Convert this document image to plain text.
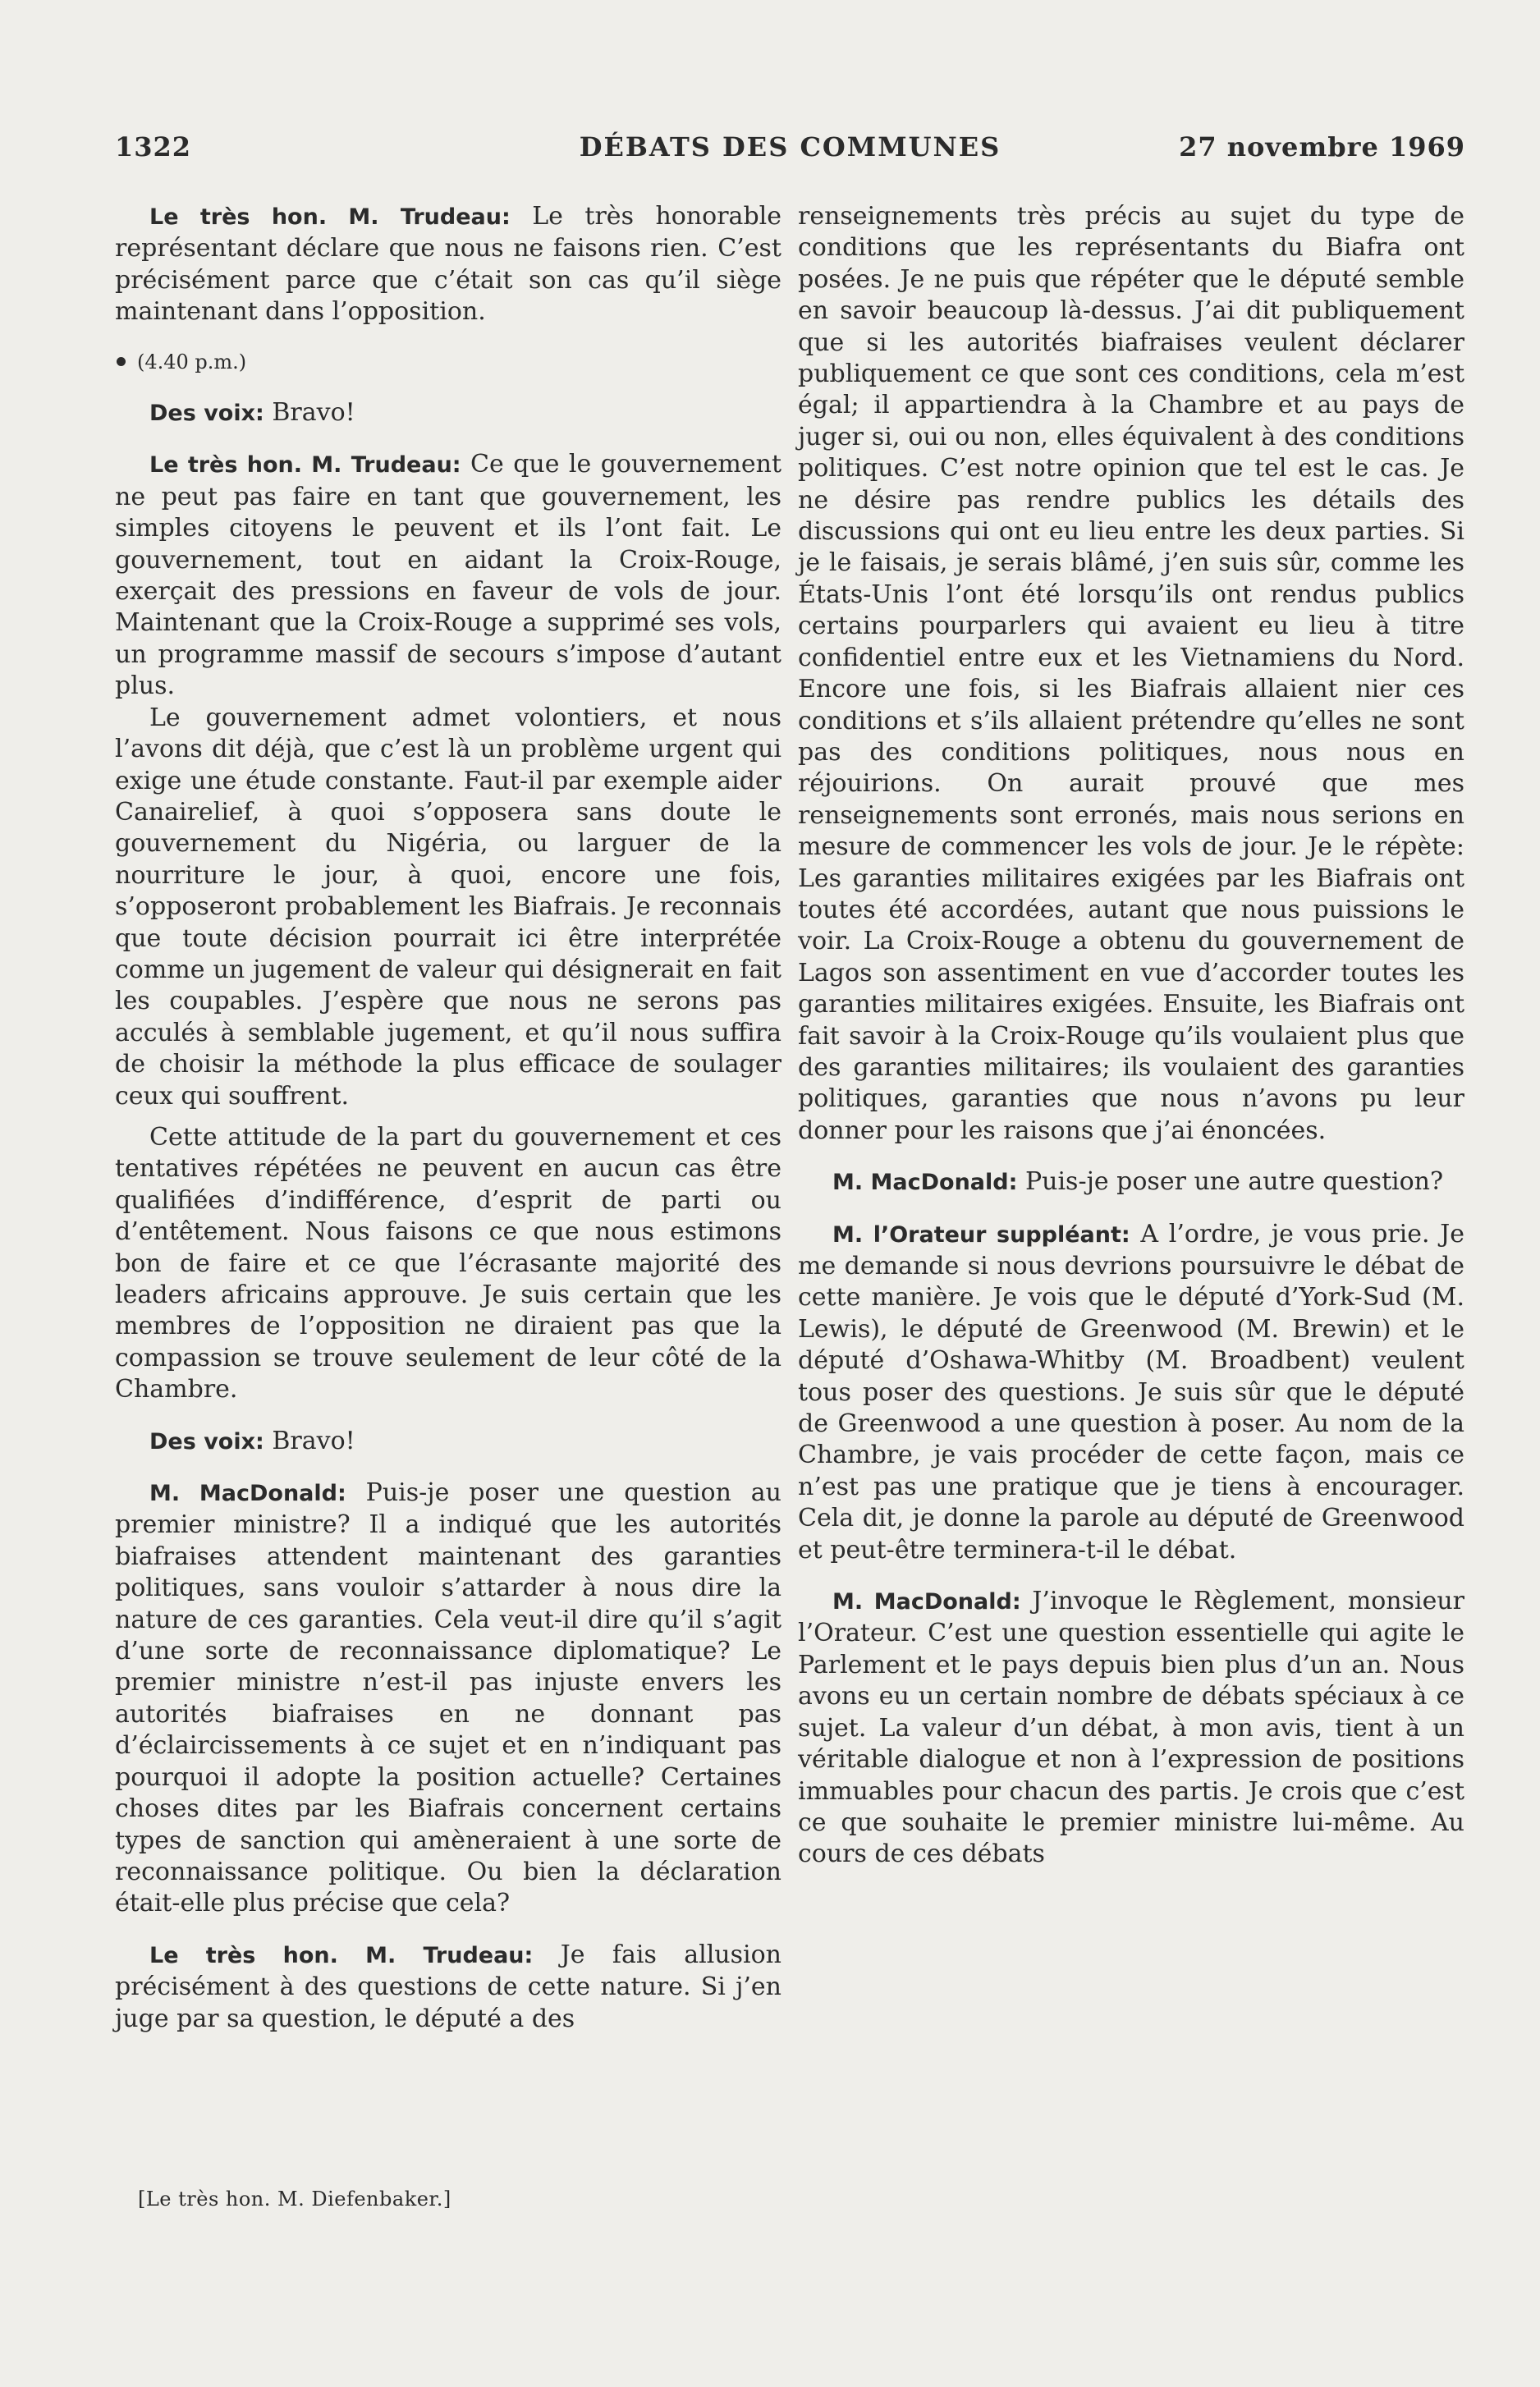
1322	DÉBATS DES COMMUNES	27 novembre 1969

Le très hon. M. Trudeau: Le très honorable représentant déclare que nous ne faisons rien. C’est précisément parce que c’était son cas qu’il siège maintenant dans l’opposition.

(4.40 p.m.)

Des voix: Bravo!

Le très hon. M. Trudeau: Ce que le gouvernement ne peut pas faire en tant que gouvernement, les simples citoyens le peuvent et ils l’ont fait. Le gouvernement, tout en aidant la Croix-Rouge, exerçait des pressions en faveur de vols de jour. Maintenant que la Croix-Rouge a supprimé ses vols, un programme massif de secours s’impose d’autant plus.

Le gouvernement admet volontiers, et nous l’avons dit déjà, que c’est là un problème urgent qui exige une étude constante. Faut-il par exemple aider Canairelief, à quoi s’opposera sans doute le gouvernement du Nigéria, ou larguer de la nourriture le jour, à quoi, encore une fois, s’opposeront probablement les Biafrais. Je reconnais que toute décision pourrait ici être interprétée comme un jugement de valeur qui désignerait en fait les coupables. J’espère que nous ne serons pas acculés à semblable jugement, et qu’il nous suffira de choisir la méthode la plus efficace de soulager ceux qui souffrent.

Cette attitude de la part du gouvernement et ces tentatives répétées ne peuvent en aucun cas être qualifiées d’indifférence, d’esprit de parti ou d’entêtement. Nous faisons ce que nous estimons bon de faire et ce que l’écrasante majorité des leaders africains approuve. Je suis certain que les membres de l’opposition ne diraient pas que la compassion se trouve seulement de leur côté de la Chambre.

Des voix: Bravo!

M. MacDonald: Puis-je poser une question au premier ministre? Il a indiqué que les autorités biafraises attendent maintenant des garanties politiques, sans vouloir s’attarder à nous dire la nature de ces garanties. Cela veut-il dire qu’il s’agit d’une sorte de reconnaissance diplomatique? Le premier ministre n’est-il pas injuste envers les autorités biafraises en ne donnant pas d’éclaircissements à ce sujet et en n’indiquant pas pourquoi il adopte la position actuelle? Certaines choses dites par les Biafrais concernent certains types de sanction qui amèneraient à une sorte de reconnaissance politique. Ou bien la déclaration était-elle plus précise que cela?

Le très hon. M. Trudeau: Je fais allusion précisément à des questions de cette nature. Si j’en juge par sa question, le député a des

renseignements très précis au sujet du type de conditions que les représentants du Biafra ont posées. Je ne puis que répéter que le député semble en savoir beaucoup là-dessus. J’ai dit publiquement que si les autorités biafraises veulent déclarer publiquement ce que sont ces conditions, cela m’est égal; il appartiendra à la Chambre et au pays de juger si, oui ou non, elles équivalent à des conditions politiques. C’est notre opinion que tel est le cas. Je ne désire pas rendre publics les détails des discussions qui ont eu lieu entre les deux parties. Si je le faisais, je serais blâmé, j’en suis sûr, comme les États-Unis l’ont été lorsqu’ils ont rendus publics certains pourparlers qui avaient eu lieu à titre confidentiel entre eux et les Vietnamiens du Nord. Encore une fois, si les Biafrais allaient nier ces conditions et s’ils allaient prétendre qu’elles ne sont pas des conditions politiques, nous nous en réjouirions. On aurait prouvé que mes renseignements sont erronés, mais nous serions en mesure de commencer les vols de jour. Je le répète: Les garanties militaires exigées par les Biafrais ont toutes été accordées, autant que nous puissions le voir. La Croix-Rouge a obtenu du gouvernement de Lagos son assentiment en vue d’accorder toutes les garanties militaires exigées. Ensuite, les Biafrais ont fait savoir à la Croix-Rouge qu’ils voulaient plus que des garanties militaires; ils voulaient des garanties politiques, garanties que nous n’avons pu leur donner pour les raisons que j’ai énoncées.

M. MacDonald: Puis-je poser une autre question?

M. l’Orateur suppléant: A l’ordre, je vous prie. Je me demande si nous devrions poursuivre le débat de cette manière. Je vois que le député d’York-Sud (M. Lewis), le député de Greenwood (M. Brewin) et le député d’Oshawa-Whitby (M. Broadbent) veulent tous poser des questions. Je suis sûr que le député de Greenwood a une question à poser. Au nom de la Chambre, je vais procéder de cette façon, mais ce n’est pas une pratique que je tiens à encourager. Cela dit, je donne la parole au député de Greenwood et peut-être terminera-t-il le débat.

M. MacDonald: J’invoque le Règlement, monsieur l’Orateur. C’est une question essentielle qui agite le Parlement et le pays depuis bien plus d’un an. Nous avons eu un certain nombre de débats spéciaux à ce sujet. La valeur d’un débat, à mon avis, tient à un véritable dialogue et non à l’expression de positions immuables pour chacun des partis. Je crois que c’est ce que souhaite le premier ministre lui-même. Au cours de ces débats

[Le très hon. M. Diefenbaker.]
